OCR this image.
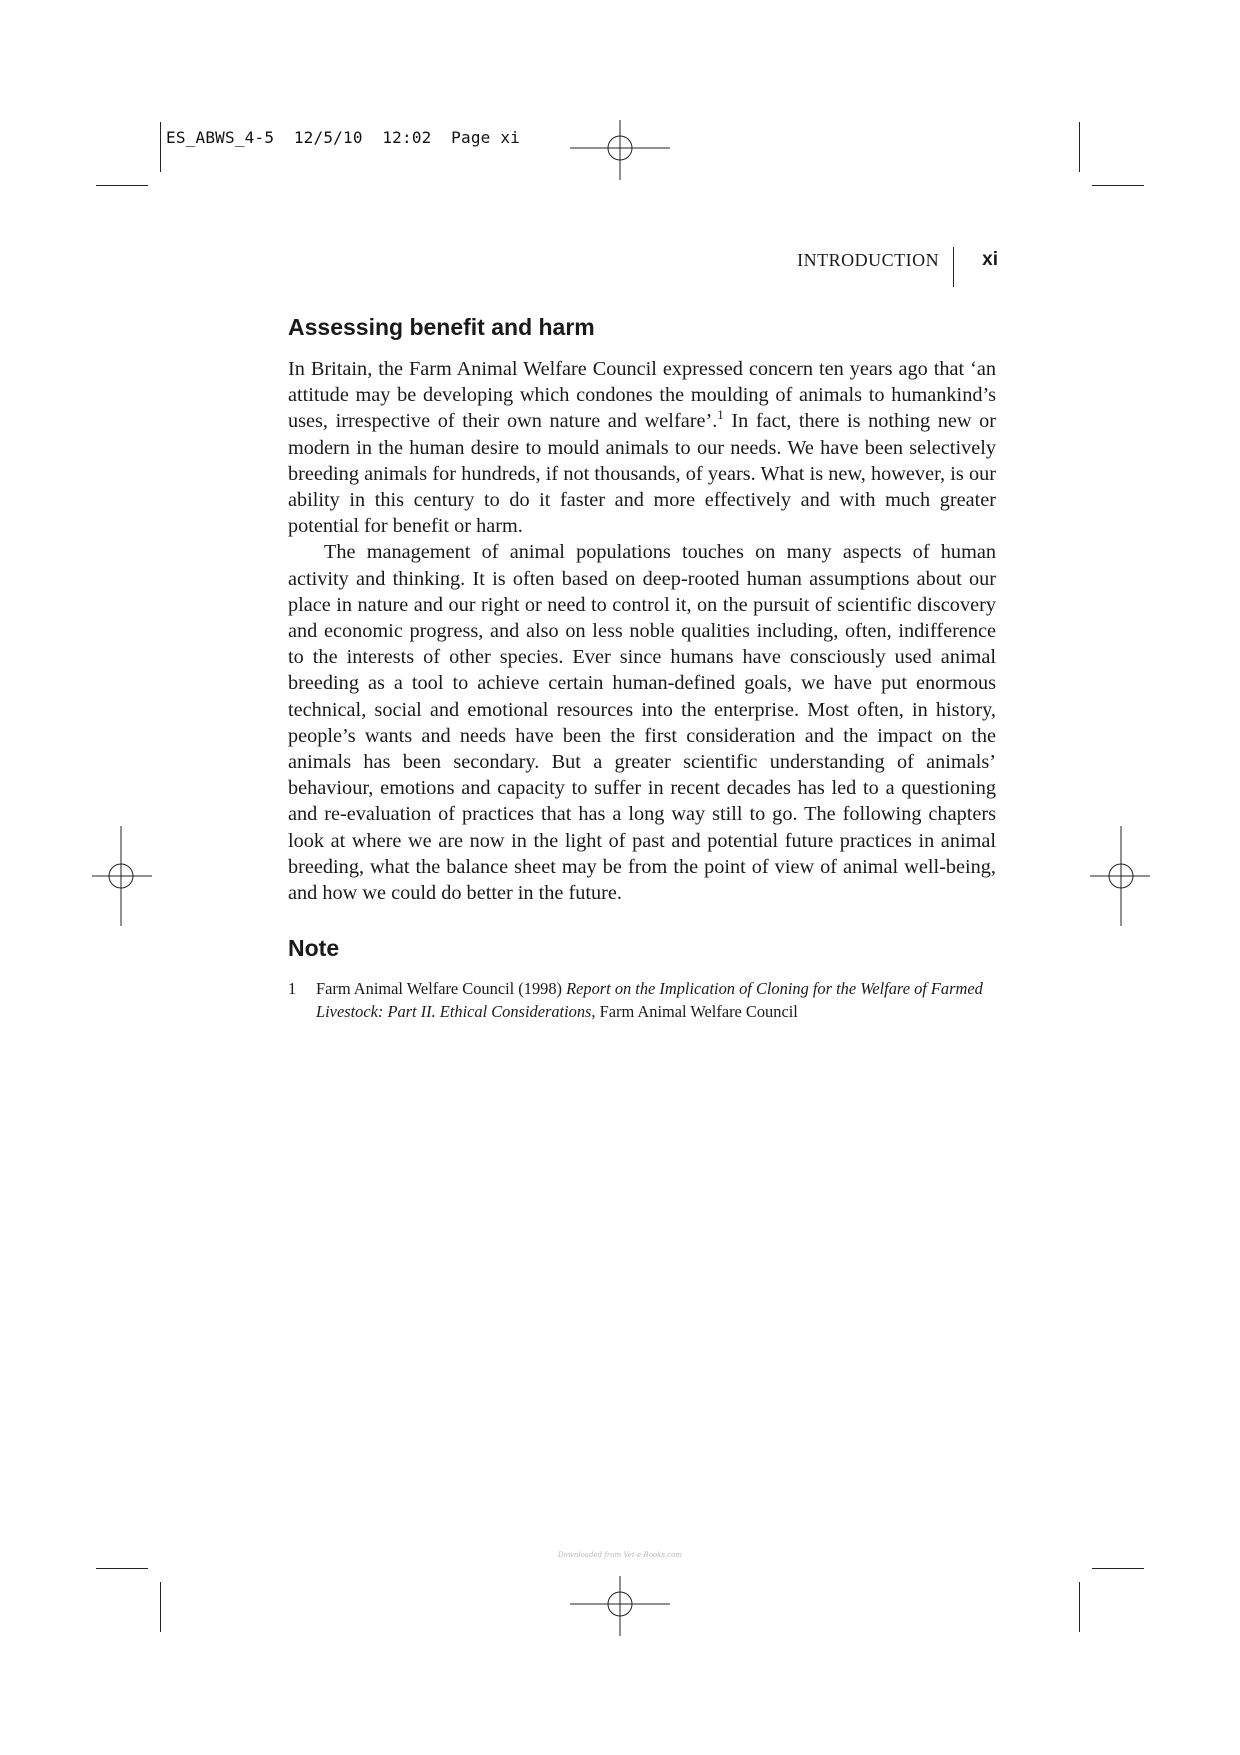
ES_ABWS_4-5  12/5/10  12:02  Page xi
INTRODUCTION	xi
Assessing benefit and harm

In Britain, the Farm Animal Welfare Council expressed concern ten years ago that ‘an attitude may be developing which condones the moulding of animals to humankind’s uses, irrespective of their own nature and welfare’.$^1$ In fact, there is nothing new or modern in the human desire to mould animals to our needs. We have been selectively breeding animals for hundreds, if not thousands, of years. What is new, however, is our ability in this century to do it faster and more effectively and with much greater potential for benefit or harm.

The management of animal populations touches on many aspects of human activity and thinking. It is often based on deep-rooted human assumptions about our place in nature and our right or need to control it, on the pursuit of scientific discovery and economic progress, and also on less noble qualities including, often, indifference to the interests of other species. Ever since humans have consciously used animal breeding as a tool to achieve certain human-defined goals, we have put enormous technical, social and emotional resources into the enterprise. Most often, in history, people’s wants and needs have been the first consideration and the impact on the animals has been secondary. But a greater scientific understanding of animals’ behaviour, emotions and capacity to suffer in recent decades has led to a questioning and re-evaluation of practices that has a long way still to go. The following chapters look at where we are now in the light of past and potential future practices in animal breeding, what the balance sheet may be from the point of view of animal well-being, and how we could do better in the future.

Note
1	Farm Animal Welfare Council (1998) Report on the Implication of Cloning for the Welfare of Farmed Livestock: Part II. Ethical Considerations, Farm Animal Welfare Council
Downloaded from Vet-e-Books.com
